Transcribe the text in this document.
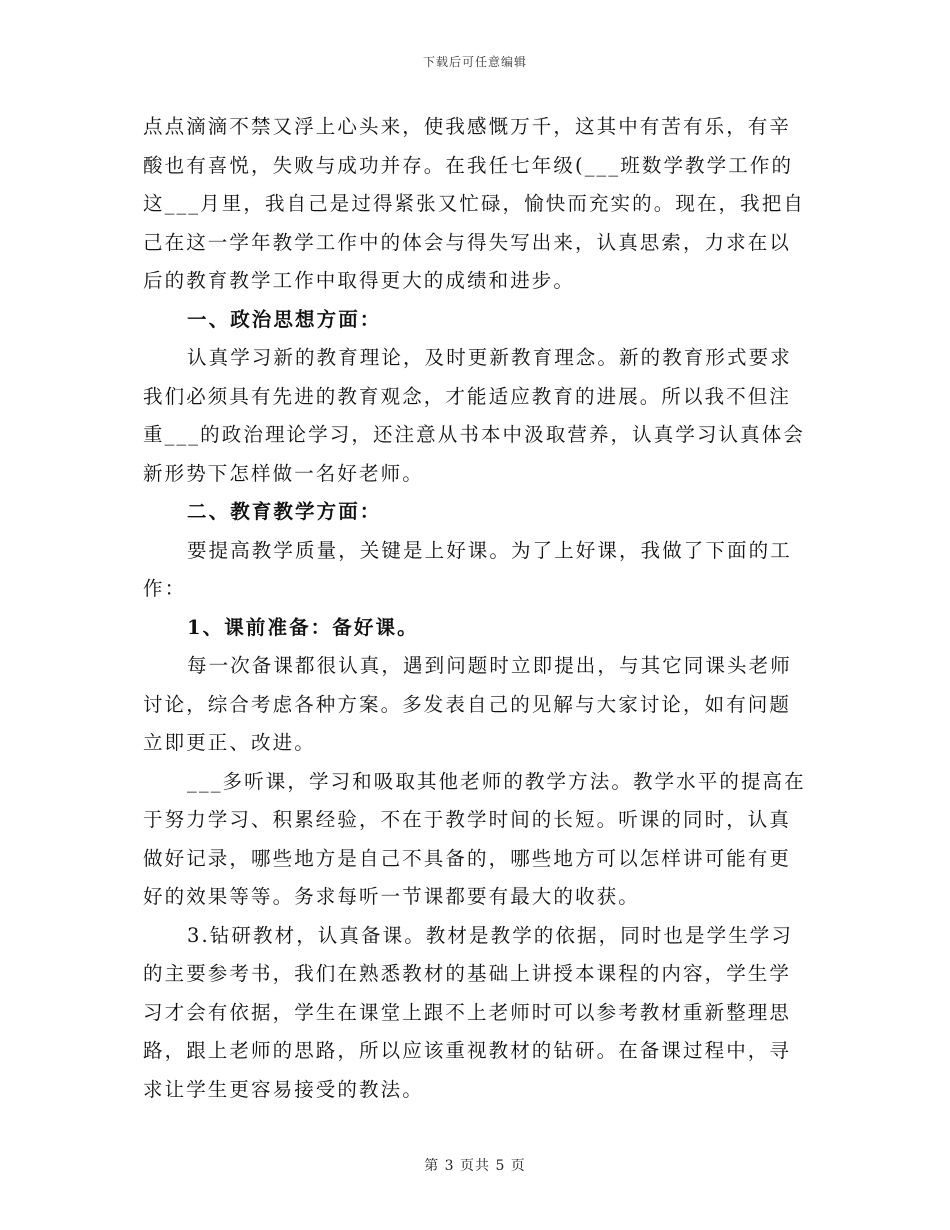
下载后可任意编辑

点点滴滴不禁又浮上心头来，使我感慨万千，这其中有苦有乐，有辛酸也有喜悦，失败与成功并存。在我任七年级(___班数学教学工作的这___月里，我自己是过得紧张又忙碌，愉快而充实的。现在，我把自己在这一学年教学工作中的体会与得失写出来，认真思索，力求在以后的教育教学工作中取得更大的成绩和进步。

一、政治思想方面：

认真学习新的教育理论，及时更新教育理念。新的教育形式要求我们必须具有先进的教育观念，才能适应教育的进展。所以我不但注重___的政治理论学习，还注意从书本中汲取营养，认真学习认真体会新形势下怎样做一名好老师。

二、教育教学方面：

要提高教学质量，关键是上好课。为了上好课，我做了下面的工作：

1、课前准备：备好课。

每一次备课都很认真，遇到问题时立即提出，与其它同课头老师讨论，综合考虑各种方案。多发表自己的见解与大家讨论，如有问题立即更正、改进。

___多听课，学习和吸取其他老师的教学方法。教学水平的提高在于努力学习、积累经验，不在于教学时间的长短。听课的同时，认真做好记录，哪些地方是自己不具备的，哪些地方可以怎样讲可能有更好的效果等等。务求每听一节课都要有最大的收获。

3.钻研教材，认真备课。教材是教学的依据，同时也是学生学习的主要参考书，我们在熟悉教材的基础上讲授本课程的内容，学生学习才会有依据，学生在课堂上跟不上老师时可以参考教材重新整理思路，跟上老师的思路，所以应该重视教材的钻研。在备课过程中，寻求让学生更容易接受的教法。

第 3 页共 5 页
